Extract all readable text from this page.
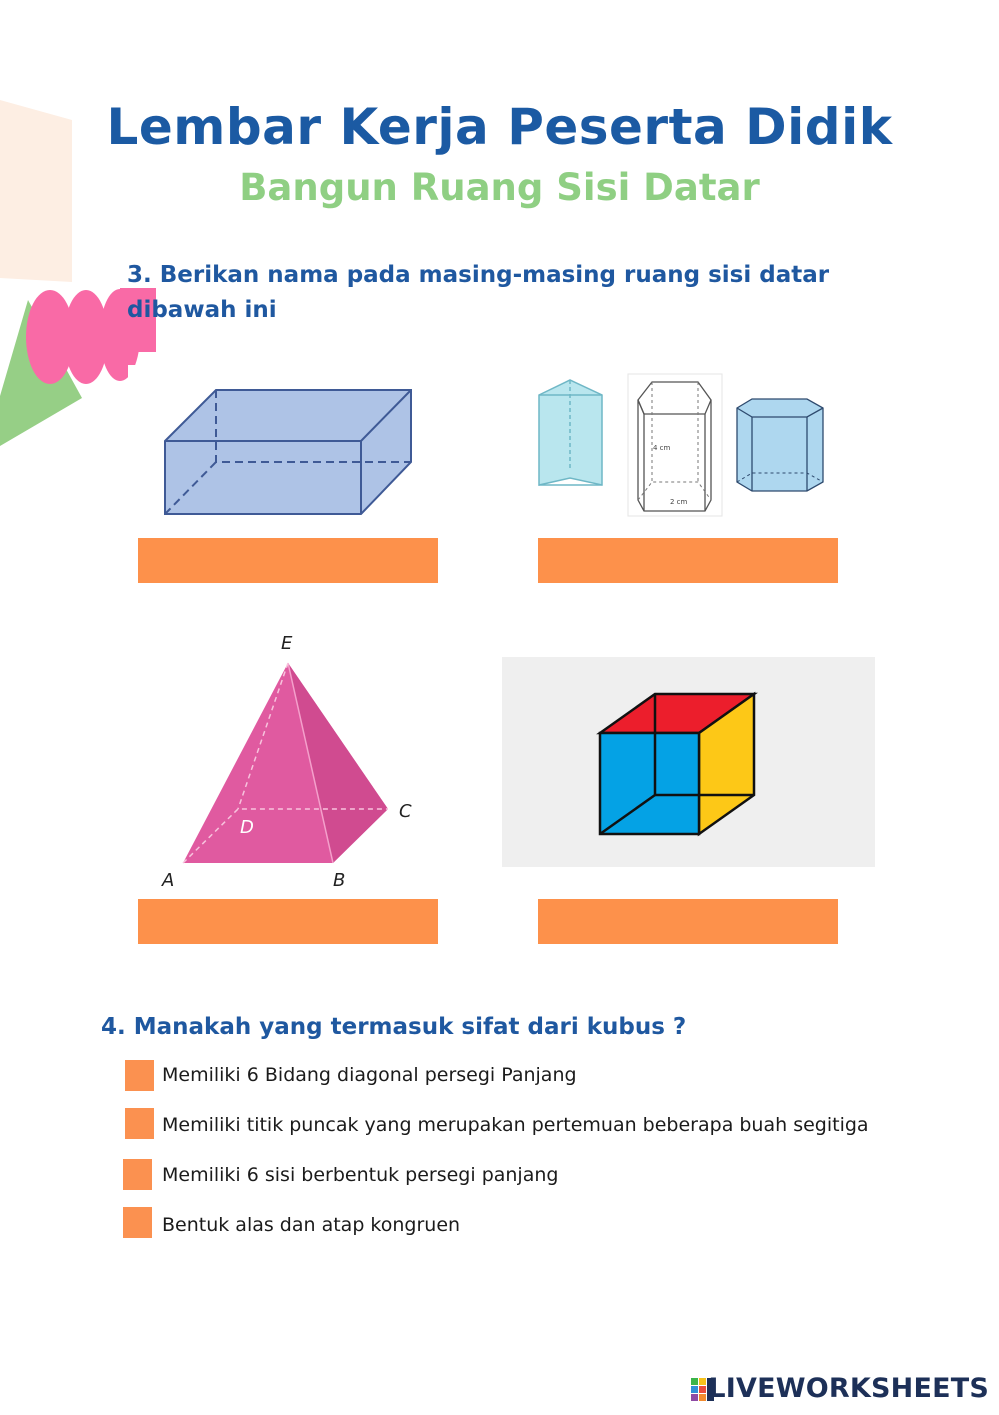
Lembar Kerja Peserta Didik
Bangun Ruang Sisi Datar
3. Berikan nama pada masing-masing ruang sisi datar
dibawah ini
4 cm
2 cm
E
D
C
A	B
4. Manakah yang termasuk sifat dari kubus ?
Memiliki 6 Bidang diagonal persegi Panjang
Memiliki titik puncak yang merupakan pertemuan beberapa buah segitiga
Memiliki 6 sisi berbentuk persegi panjang
Bentuk alas dan atap kongruen
LIVEWORKSHEETS
